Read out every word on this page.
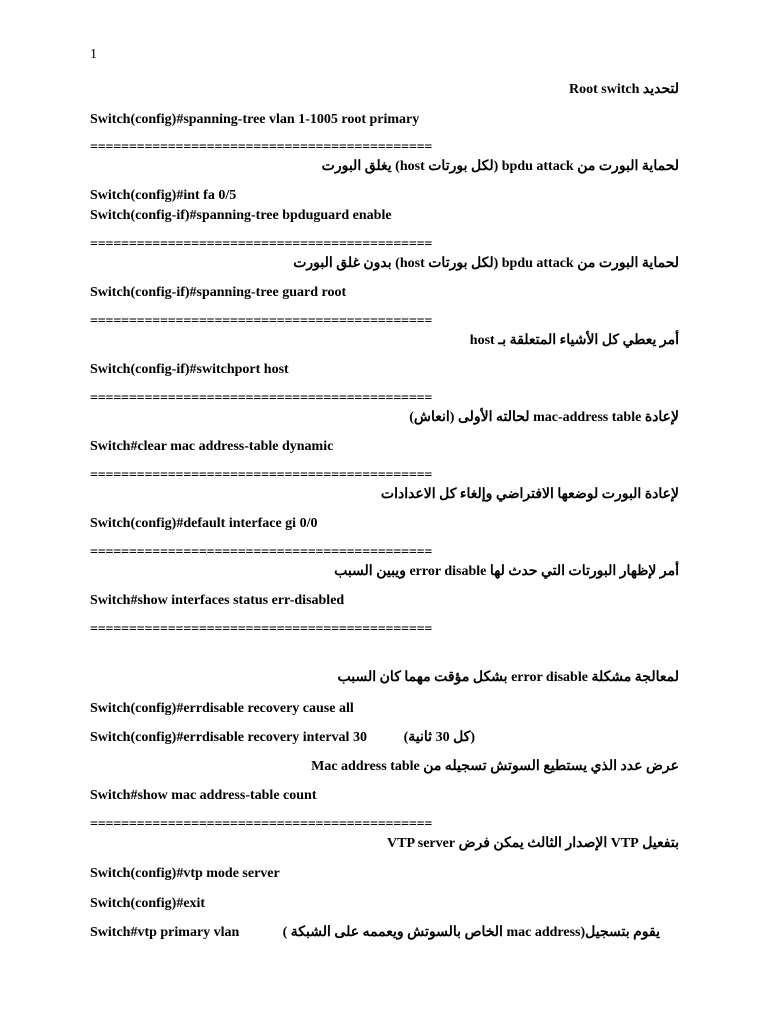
1
لتحديد Root switch
Switch(config)#spanning-tree vlan 1-1005 root primary
============================================
لحماية البورت من bpdu attack (لكل بورتات host) يغلق البورت
Switch(config)#int fa 0/5
Switch(config-if)#spanning-tree bpduguard enable
============================================
لحماية البورت من bpdu attack (لكل بورتات host) بدون غلق البورت
Switch(config-if)#spanning-tree guard root
============================================
أمر يعطي كل الأشياء المتعلقة بـ host
Switch(config-if)#switchport host
============================================
لإعادة mac-address table لحالته الأولى (انعاش)
Switch#clear mac address-table dynamic
============================================
لإعادة البورت لوضعها الافتراضي وإلغاء كل الاعدادات
Switch(config)#default interface gi 0/0
============================================
أمر لإظهار البورتات التي حدث لها error disable ويبين السبب
Switch#show interfaces status err-disabled
============================================
لمعالجة مشكلة error disable بشكل مؤقت مهما كان السبب
Switch(config)#errdisable recovery cause all
Switch(config)#errdisable recovery interval 30	(كل 30 ثانية)
عرض عدد الذي يستطيع السوتش تسجيله من Mac address table
Switch#show mac address-table count
============================================
بتفعيل VTP الإصدار الثالث يمكن فرض VTP server
Switch(config)#vtp mode server
Switch(config)#exit
Switch#vtp primary vlan	يقوم بتسجيل(mac address الخاص بالسوتش ويعممه على الشبكة )
